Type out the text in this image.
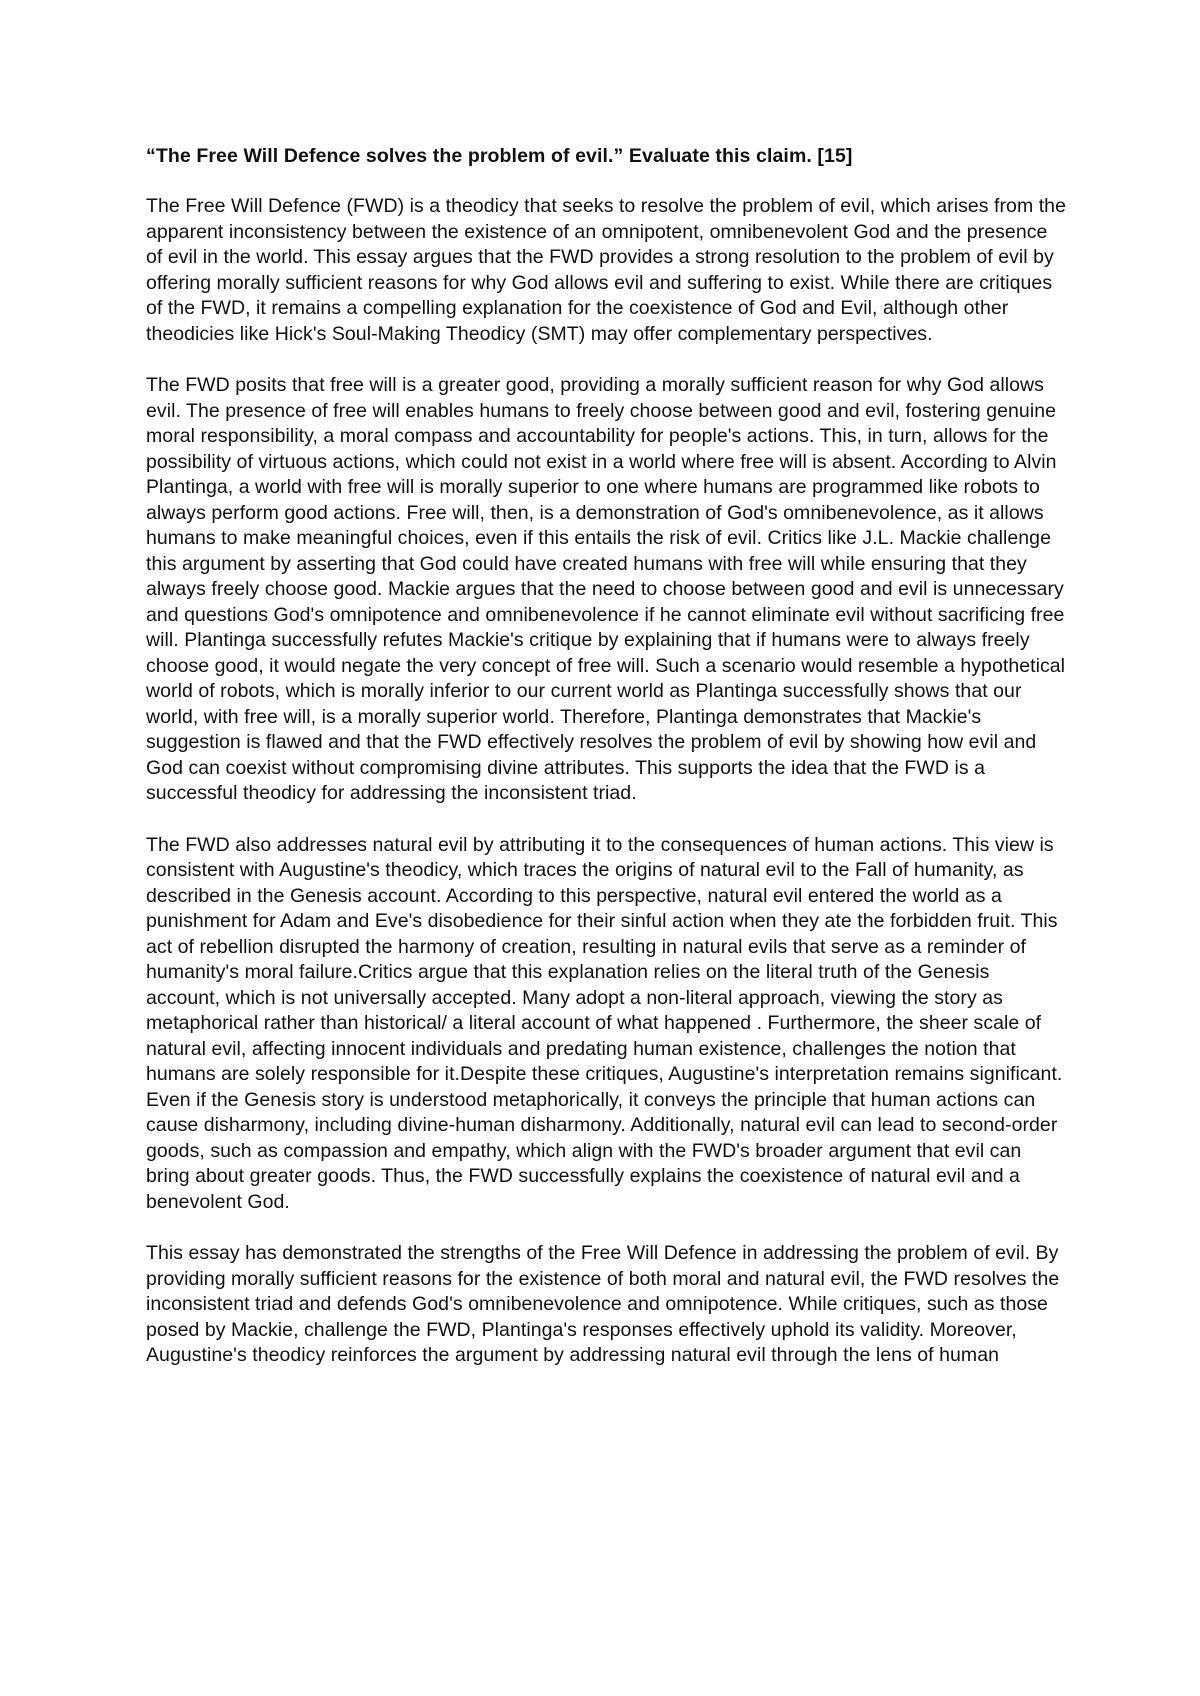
“The Free Will Defence solves the problem of evil.” Evaluate this claim. [15]

The Free Will Defence (FWD) is a theodicy that seeks to resolve the problem of evil, which arises from the apparent inconsistency between the existence of an omnipotent, omnibenevolent God and the presence of evil in the world. This essay argues that the FWD provides a strong resolution to the problem of evil by offering morally sufficient reasons for why God allows evil and suffering to exist. While there are critiques of the FWD, it remains a compelling explanation for the coexistence of God and Evil, although other theodicies like Hick's Soul-Making Theodicy (SMT) may offer complementary perspectives.

The FWD posits that free will is a greater good, providing a morally sufficient reason for why God allows evil. The presence of free will enables humans to freely choose between good and evil, fostering genuine moral responsibility, a moral compass and accountability for people's actions. This, in turn, allows for the possibility of virtuous actions, which could not exist in a world where free will is absent. According to Alvin Plantinga, a world with free will is morally superior to one where humans are programmed like robots to always perform good actions. Free will, then, is a demonstration of God's omnibenevolence, as it allows humans to make meaningful choices, even if this entails the risk of evil. Critics like J.L. Mackie challenge this argument by asserting that God could have created humans with free will while ensuring that they always freely choose good. Mackie argues that the need to choose between good and evil is unnecessary and questions God's omnipotence and omnibenevolence if he cannot eliminate evil without sacrificing free will. Plantinga successfully refutes Mackie's critique by explaining that if humans were to always freely choose good, it would negate the very concept of free will. Such a scenario would resemble a hypothetical world of robots, which is morally inferior to our current world as Plantinga successfully shows that our world, with free will, is a morally superior world. Therefore, Plantinga demonstrates that Mackie's suggestion is flawed and that the FWD effectively resolves the problem of evil by showing how evil and God can coexist without compromising divine attributes. This supports the idea that the FWD is a successful theodicy for addressing the inconsistent triad.

The FWD also addresses natural evil by attributing it to the consequences of human actions. This view is consistent with Augustine's theodicy, which traces the origins of natural evil to the Fall of humanity, as described in the Genesis account. According to this perspective, natural evil entered the world as a punishment for Adam and Eve's disobedience for their sinful action when they ate the forbidden fruit. This act of rebellion disrupted the harmony of creation, resulting in natural evils that serve as a reminder of humanity's moral failure.Critics argue that this explanation relies on the literal truth of the Genesis account, which is not universally accepted. Many adopt a non-literal approach, viewing the story as metaphorical rather than historical/ a literal account of what happened . Furthermore, the sheer scale of natural evil, affecting innocent individuals and predating human existence, challenges the notion that humans are solely responsible for it.Despite these critiques, Augustine's interpretation remains significant. Even if the Genesis story is understood metaphorically, it conveys the principle that human actions can cause disharmony, including divine-human disharmony. Additionally, natural evil can lead to second-order goods, such as compassion and empathy, which align with the FWD's broader argument that evil can bring about greater goods. Thus, the FWD successfully explains the coexistence of natural evil and a benevolent God.

This essay has demonstrated the strengths of the Free Will Defence in addressing the problem of evil. By providing morally sufficient reasons for the existence of both moral and natural evil, the FWD resolves the inconsistent triad and defends God's omnibenevolence and omnipotence. While critiques, such as those posed by Mackie, challenge the FWD, Plantinga's responses effectively uphold its validity. Moreover, Augustine's theodicy reinforces the argument by addressing natural evil through the lens of human
